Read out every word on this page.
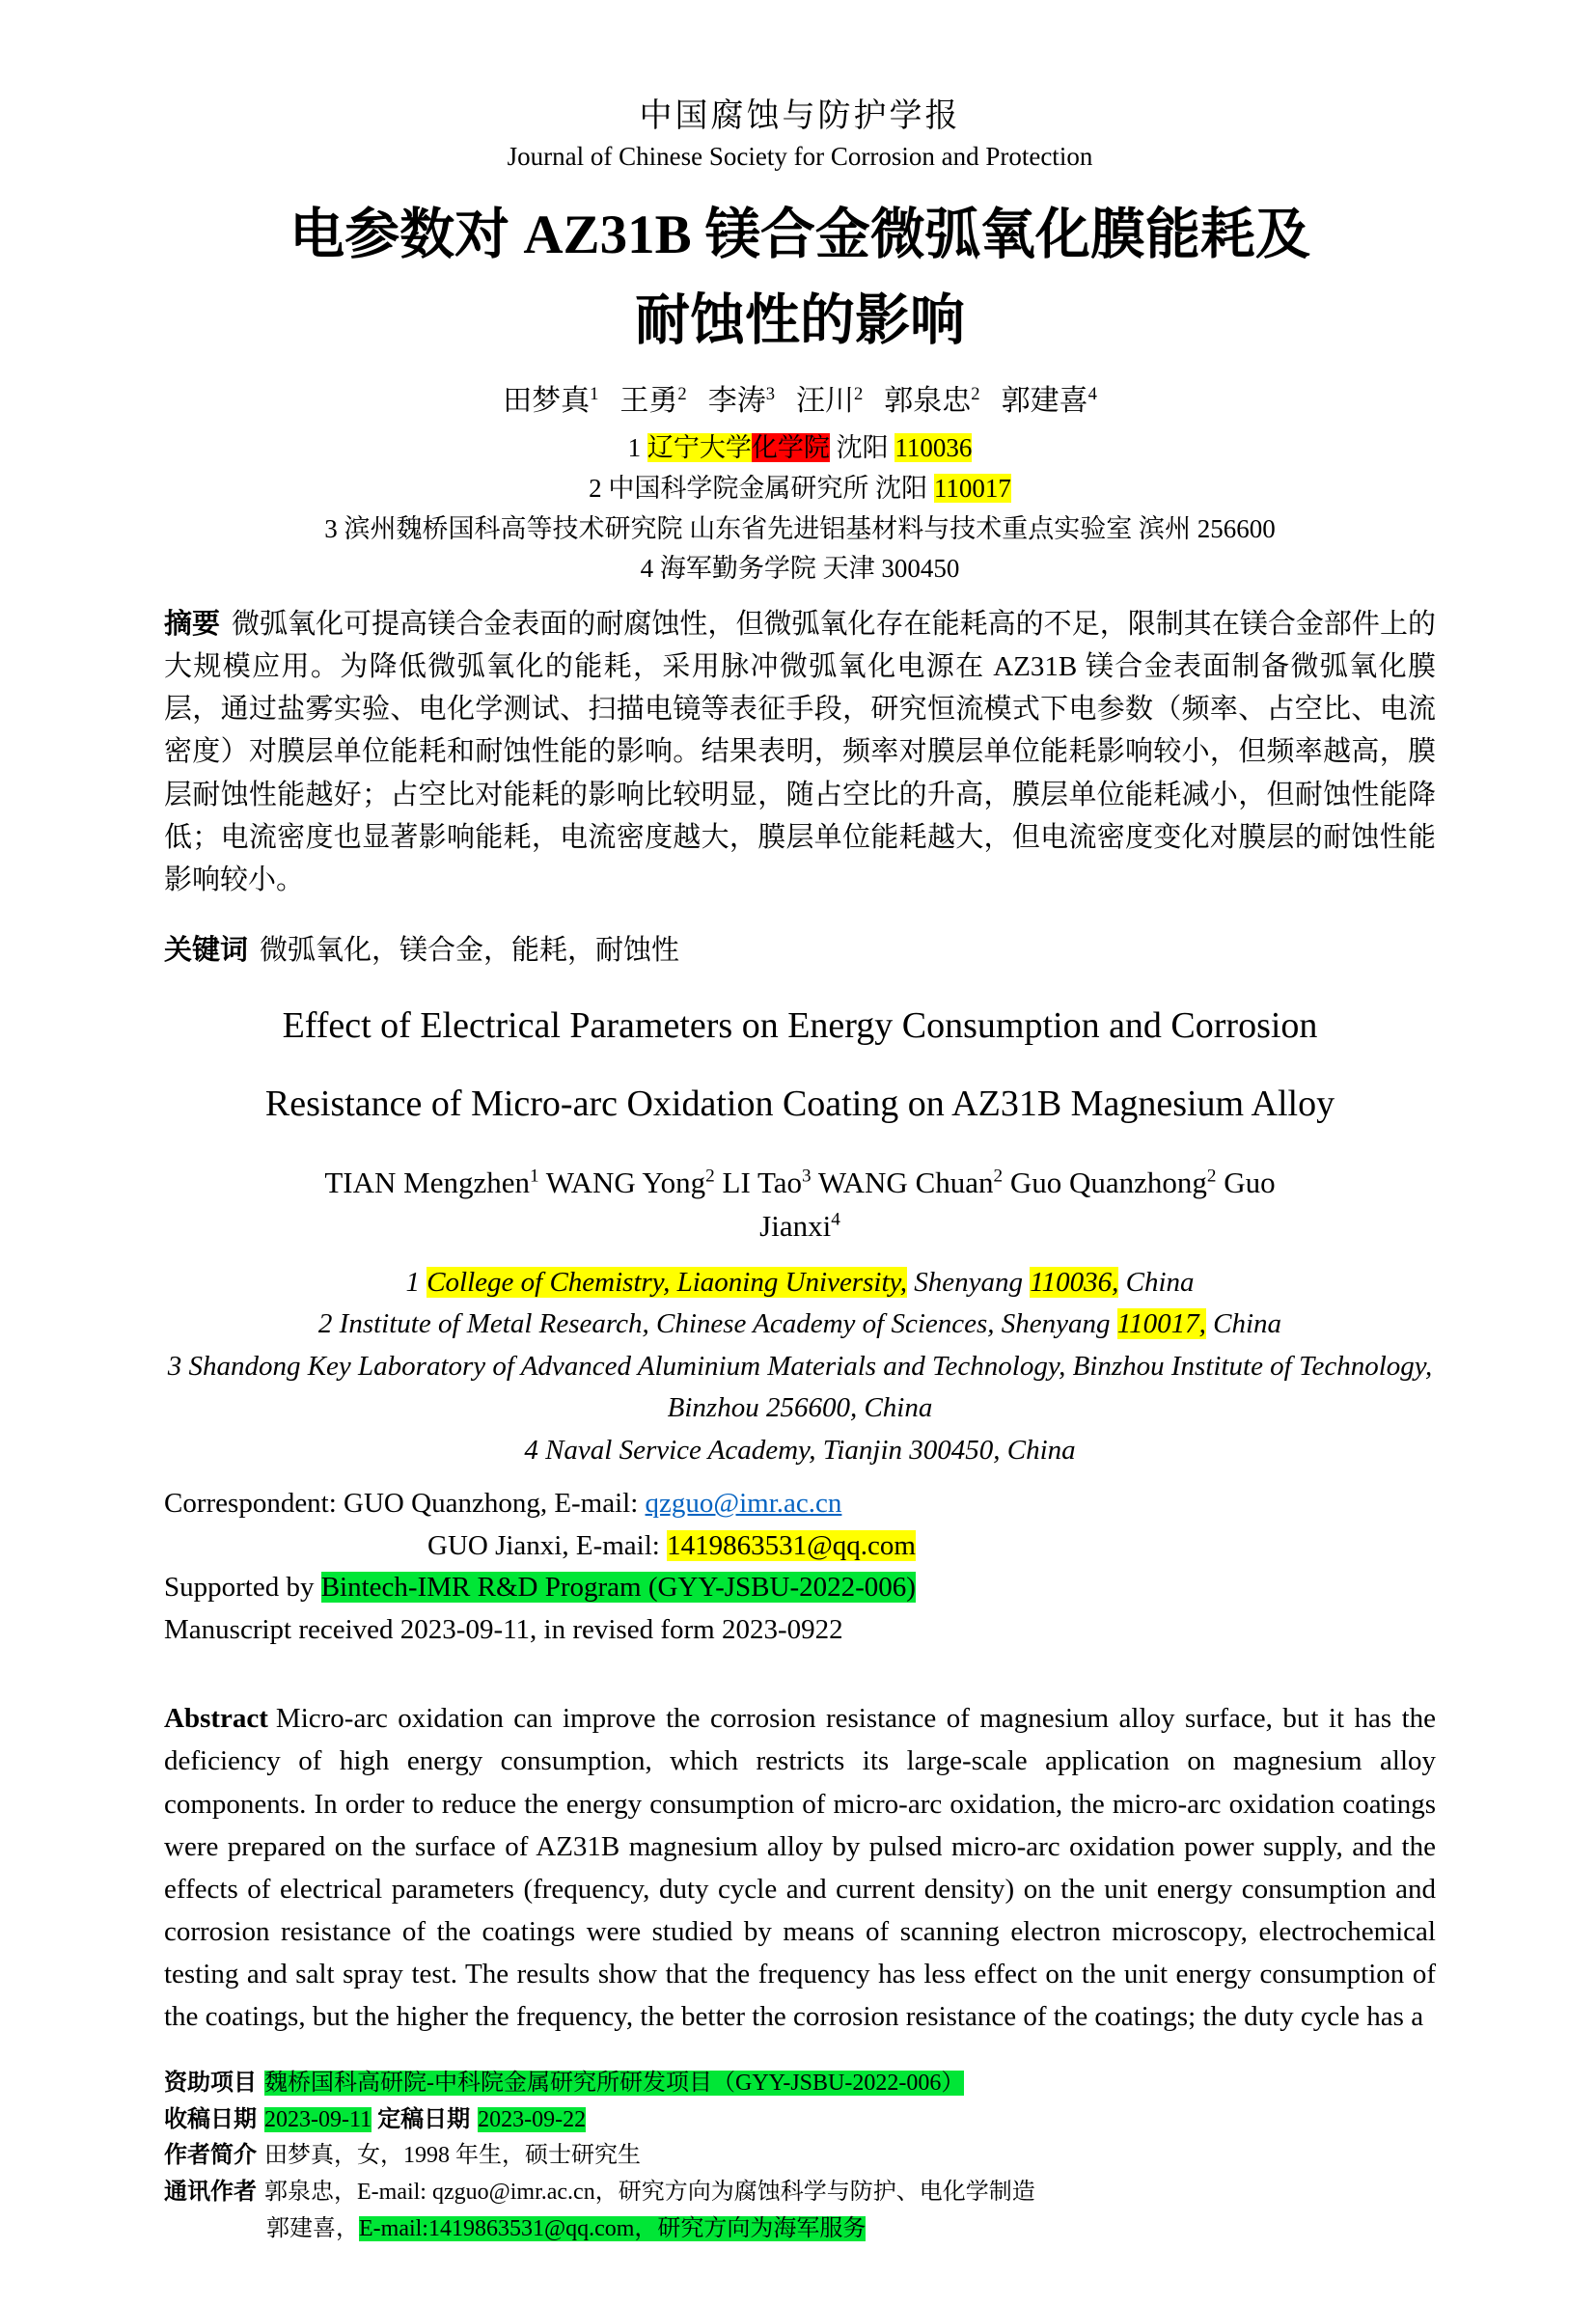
中国腐蚀与防护学报
Journal of Chinese Society for Corrosion and Protection
电参数对 AZ31B 镁合金微弧氧化膜能耗及
耐蚀性的影响
田梦真$^1$ 王勇$^2$ 李涛$^3$ 汪川$^2$ 郭泉忠$^2$ 郭建喜$^4$
1 辽宁大学化学院 沈阳 110036
2 中国科学院金属研究所 沈阳 110017
3 滨州魏桥国科高等技术研究院 山东省先进铝基材料与技术重点实验室 滨州 256600
4 海军勤务学院 天津 300450

摘要 微弧氧化可提高镁合金表面的耐腐蚀性，但微弧氧化存在能耗高的不足，限制其在镁合金部件上的大规模应用。为降低微弧氧化的能耗，采用脉冲微弧氧化电源在 AZ31B 镁合金表面制备微弧氧化膜层，通过盐雾实验、电化学测试、扫描电镜等表征手段，研究恒流模式下电参数（频率、占空比、电流密度）对膜层单位能耗和耐蚀性能的影响。结果表明，频率对膜层单位能耗影响较小，但频率越高，膜层耐蚀性能越好；占空比对能耗的影响比较明显，随占空比的升高，膜层单位能耗减小，但耐蚀性能降低；电流密度也显著影响能耗，电流密度越大，膜层单位能耗越大，但电流密度变化对膜层的耐蚀性能影响较小。

关键词 微弧氧化，镁合金，能耗，耐蚀性

Effect of Electrical Parameters on Energy Consumption and Corrosion
Resistance of Micro-arc Oxidation Coating on AZ31B Magnesium Alloy
TIAN Mengzhen$^1$ WANG Yong$^2$ LI Tao$^3$ WANG Chuan$^2$ Guo Quanzhong$^2$ Guo Jianxi$^4$
1 College of Chemistry, Liaoning University, Shenyang 110036, China
2 Institute of Metal Research, Chinese Academy of Sciences, Shenyang 110017, China
3 Shandong Key Laboratory of Advanced Aluminium Materials and Technology, Binzhou Institute of Technology, Binzhou 256600, China
4 Naval Service Academy, Tianjin 300450, China
Correspondent: GUO Quanzhong, E-mail: qzguo@imr.ac.cn
GUO Jianxi, E-mail: 1419863531@qq.com
Supported by Bintech-IMR R&D Program (GYY-JSBU-2022-006)
Manuscript received 2023-09-11, in revised form 2023-0922

Abstract Micro-arc oxidation can improve the corrosion resistance of magnesium alloy surface, but it has the deficiency of high energy consumption, which restricts its large-scale application on magnesium alloy components. In order to reduce the energy consumption of micro-arc oxidation, the micro-arc oxidation coatings were prepared on the surface of AZ31B magnesium alloy by pulsed micro-arc oxidation power supply, and the effects of electrical parameters (frequency, duty cycle and current density) on the unit energy consumption and corrosion resistance of the coatings were studied by means of scanning electron microscopy, electrochemical testing and salt spray test. The results show that the frequency has less effect on the unit energy consumption of the coatings, but the higher the frequency, the better the corrosion resistance of the coatings; the duty cycle has a

资助项目 魏桥国科高研院-中科院金属研究所研发项目（GYY-JSBU-2022-006）
收稿日期 2023-09-11 定稿日期 2023-09-22
作者简介 田梦真，女，1998 年生，硕士研究生
通讯作者 郭泉忠，E-mail: qzguo@imr.ac.cn，研究方向为腐蚀科学与防护、电化学制造
郭建喜，E-mail:1419863531@qq.com，研究方向为海军服务
